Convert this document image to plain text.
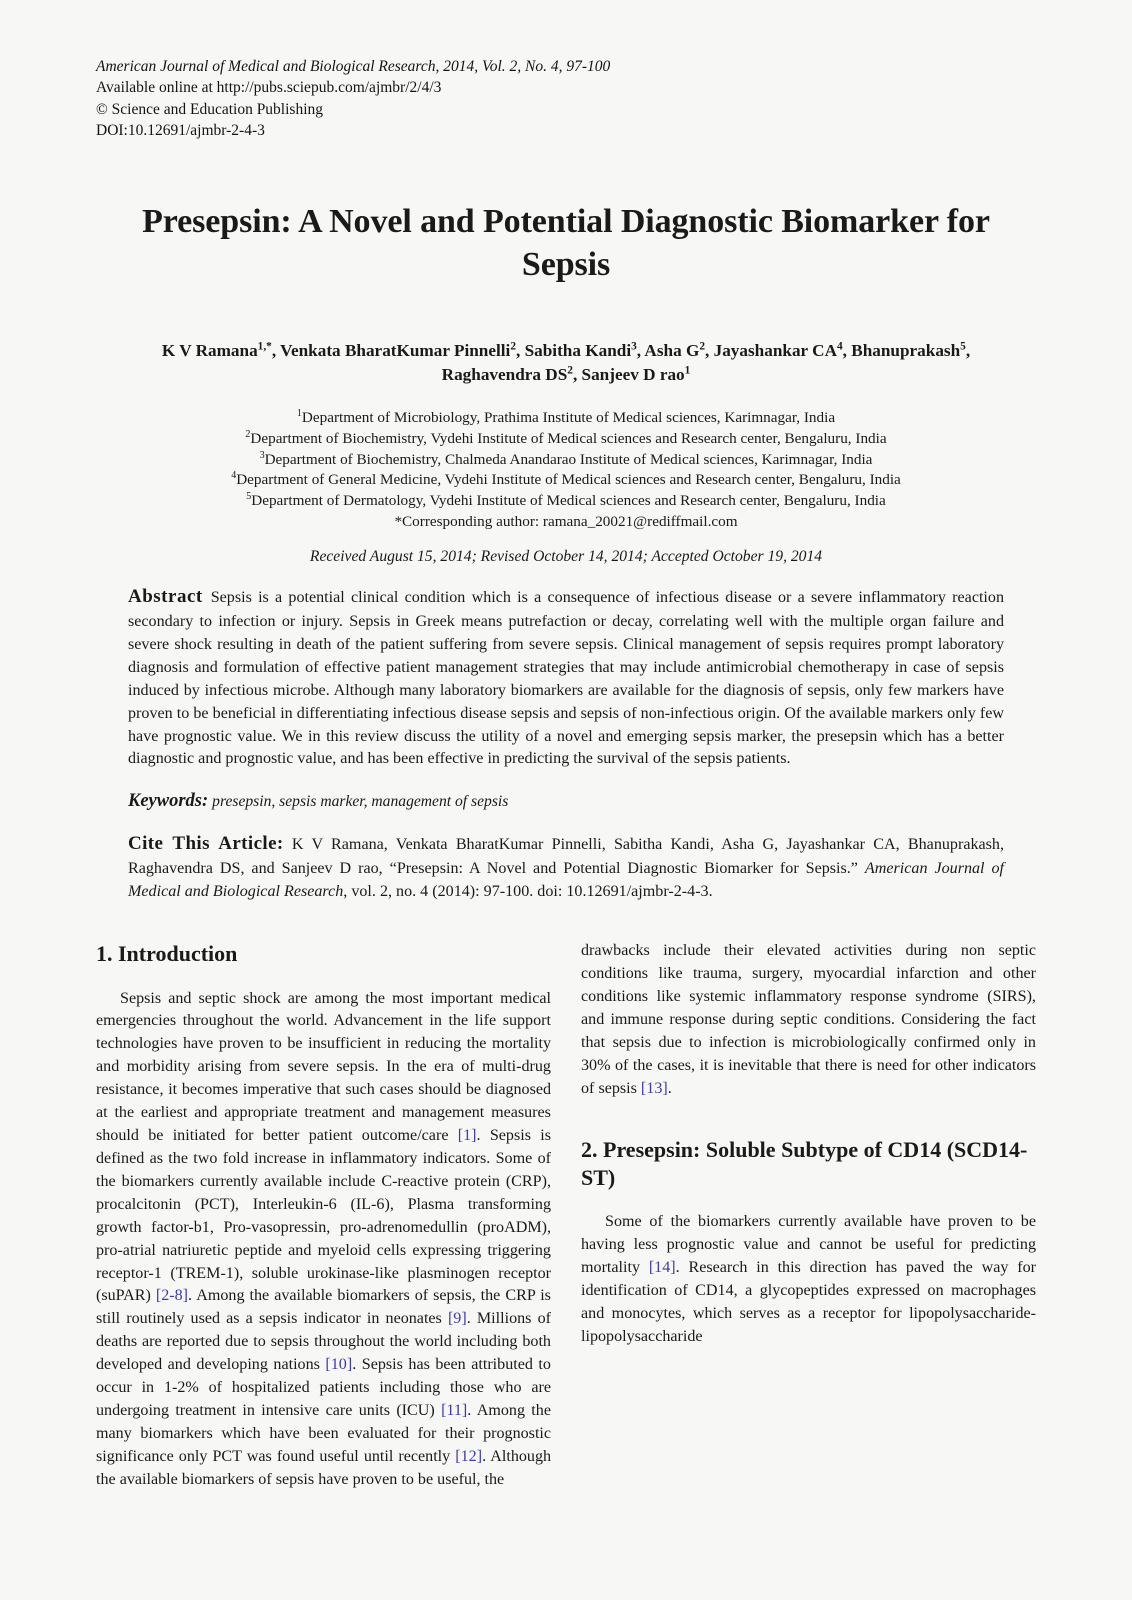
American Journal of Medical and Biological Research, 2014, Vol. 2, No. 4, 97-100
Available online at http://pubs.sciepub.com/ajmbr/2/4/3
© Science and Education Publishing
DOI:10.12691/ajmbr-2-4-3
Presepsin: A Novel and Potential Diagnostic Biomarker for Sepsis
K V Ramana$^{1,*}$, Venkata BharatKumar Pinnelli$^2$, Sabitha Kandi$^3$, Asha $G^2$, Jayashankar $CA^4$, Bhanuprakash$^5$,
Raghavendra $DS^2$, Sanjeev D rao$^1$
$^1$Department of Microbiology, Prathima Institute of Medical sciences, Karimnagar, India
$^2$Department of Biochemistry, Vydehi Institute of Medical sciences and Research center, Bengaluru, India
$^3$Department of Biochemistry, Chalmeda Anandarao Institute of Medical sciences, Karimnagar, India
$^4$Department of General Medicine, Vydehi Institute of Medical sciences and Research center, Bengaluru, India
$^5$Department of Dermatology, Vydehi Institute of Medical sciences and Research center, Bengaluru, India
*Corresponding author: ramana_20021@rediffmail.com
Received August 15, 2014; Revised October 14, 2014; Accepted October 19, 2014
Abstract Sepsis is a potential clinical condition which is a consequence of infectious disease or a severe inflammatory reaction secondary to infection or injury. Sepsis in Greek means putrefaction or decay, correlating well with the multiple organ failure and severe shock resulting in death of the patient suffering from severe sepsis. Clinical management of sepsis requires prompt laboratory diagnosis and formulation of effective patient management strategies that may include antimicrobial chemotherapy in case of sepsis induced by infectious microbe. Although many laboratory biomarkers are available for the diagnosis of sepsis, only few markers have proven to be beneficial in differentiating infectious disease sepsis and sepsis of non-infectious origin. Of the available markers only few have prognostic value. We in this review discuss the utility of a novel and emerging sepsis marker, the presepsin which has a better diagnostic and prognostic value, and has been effective in predicting the survival of the sepsis patients.
Keywords: presepsin, sepsis marker, management of sepsis
Cite This Article: K V Ramana, Venkata BharatKumar Pinnelli, Sabitha Kandi, Asha G, Jayashankar CA, Bhanuprakash, Raghavendra DS, and Sanjeev D rao, “Presepsin: A Novel and Potential Diagnostic Biomarker for Sepsis.” American Journal of Medical and Biological Research, vol. 2, no. 4 (2014): 97-100. doi: 10.12691/ajmbr-2-4-3.
1. Introduction

Sepsis and septic shock are among the most important medical emergencies throughout the world. Advancement in the life support technologies have proven to be insufficient in reducing the mortality and morbidity arising from severe sepsis. In the era of multi-drug resistance, it becomes imperative that such cases should be diagnosed at the earliest and appropriate treatment and management measures should be initiated for better patient outcome/care [1]. Sepsis is defined as the two fold increase in inflammatory indicators. Some of the biomarkers currently available include C-reactive protein (CRP), procalcitonin (PCT), Interleukin-6 (IL-6), Plasma transforming growth factor-b1, Pro-vasopressin, pro-adrenomedullin (proADM), pro-atrial natriuretic peptide and myeloid cells expressing triggering receptor-1 (TREM-1), soluble urokinase-like plasminogen receptor (suPAR) [2-8]. Among the available biomarkers of sepsis, the CRP is still routinely used as a sepsis indicator in neonates [9]. Millions of deaths are reported due to sepsis throughout the world including both developed and developing nations [10]. Sepsis has been attributed to occur in 1-2% of hospitalized patients including those who are undergoing treatment in intensive care units (ICU) [11]. Among the many biomarkers which have been evaluated for their prognostic significance only PCT was found useful until recently [12]. Although the available biomarkers of sepsis have proven to be useful, the

drawbacks include their elevated activities during non septic conditions like trauma, surgery, myocardial infarction and other conditions like systemic inflammatory response syndrome (SIRS), and immune response during septic conditions. Considering the fact that sepsis due to infection is microbiologically confirmed only in 30% of the cases, it is inevitable that there is need for other indicators of sepsis [13].

2. Presepsin: Soluble Subtype of CD14 (SCD14-ST)

Some of the biomarkers currently available have proven to be having less prognostic value and cannot be useful for predicting mortality [14]. Research in this direction has paved the way for identification of CD14, a glycopeptides expressed on macrophages and monocytes, which serves as a receptor for lipopolysaccharide-lipopolysaccharide
